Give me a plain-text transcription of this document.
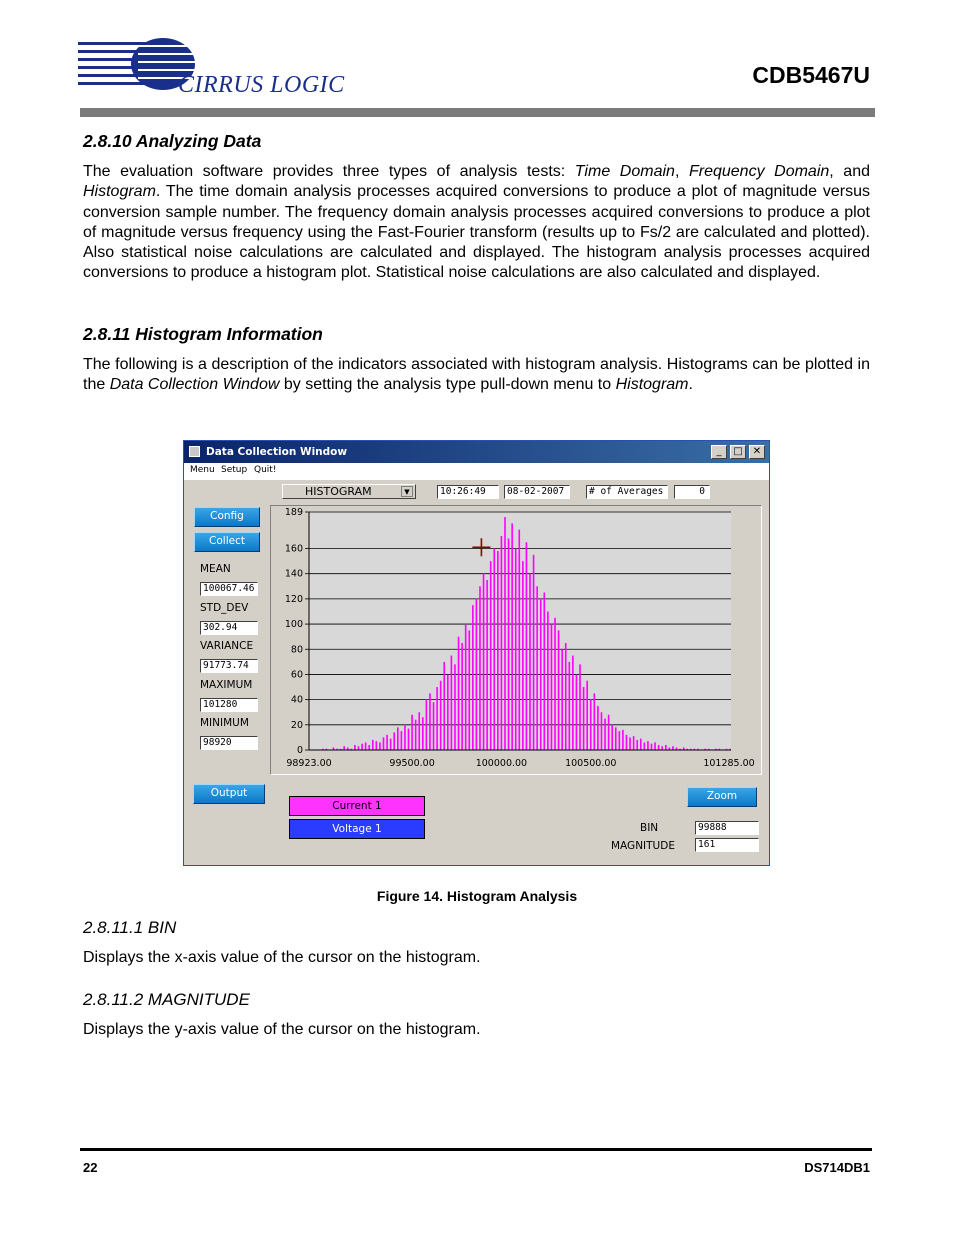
CIRRUS LOGIC	CDB5467U
2.8.10 Analyzing Data
The evaluation software provides three types of analysis tests: Time Domain, Frequency Domain, and Histogram. The time domain analysis processes acquired conversions to produce a plot of magnitude versus conversion sample number. The frequency domain analysis processes acquired conversions to produce a plot of magnitude versus frequency using the Fast-Fourier transform (results up to Fs/2 are calculated and plotted). Also statistical noise calculations are calculated and displayed. The histogram analysis processes acquired conversions to produce a histogram plot. Statistical noise calculations are also calculated and displayed.
2.8.11 Histogram Information
The following is a description of the indicators associated with histogram analysis. Histograms can be plotted in the Data Collection Window by setting the analysis type pull-down menu to Histogram.
Data Collection Window	_	□	✕
Menu Setup Quit!
HISTOGRAM	▼	10:26:49	08-02-2007	# of Averages	0
Config
Collect
MEAN
100067.46
STD_DEV
302.94
VARIANCE
91773.74
MAXIMUM
101280
MINIMUM
98920
0
20
40
60
80
100
120
140
160
189
98923.00	99500.00	100000.00	100500.00	101285.00
Output	Zoom
Current 1
Voltage 1	BIN	99888
MAGNITUDE	161
Figure 14. Histogram Analysis
2.8.11.1 BIN
Displays the x-axis value of the cursor on the histogram.
2.8.11.2 MAGNITUDE
Displays the y-axis value of the cursor on the histogram.
22	DS714DB1
